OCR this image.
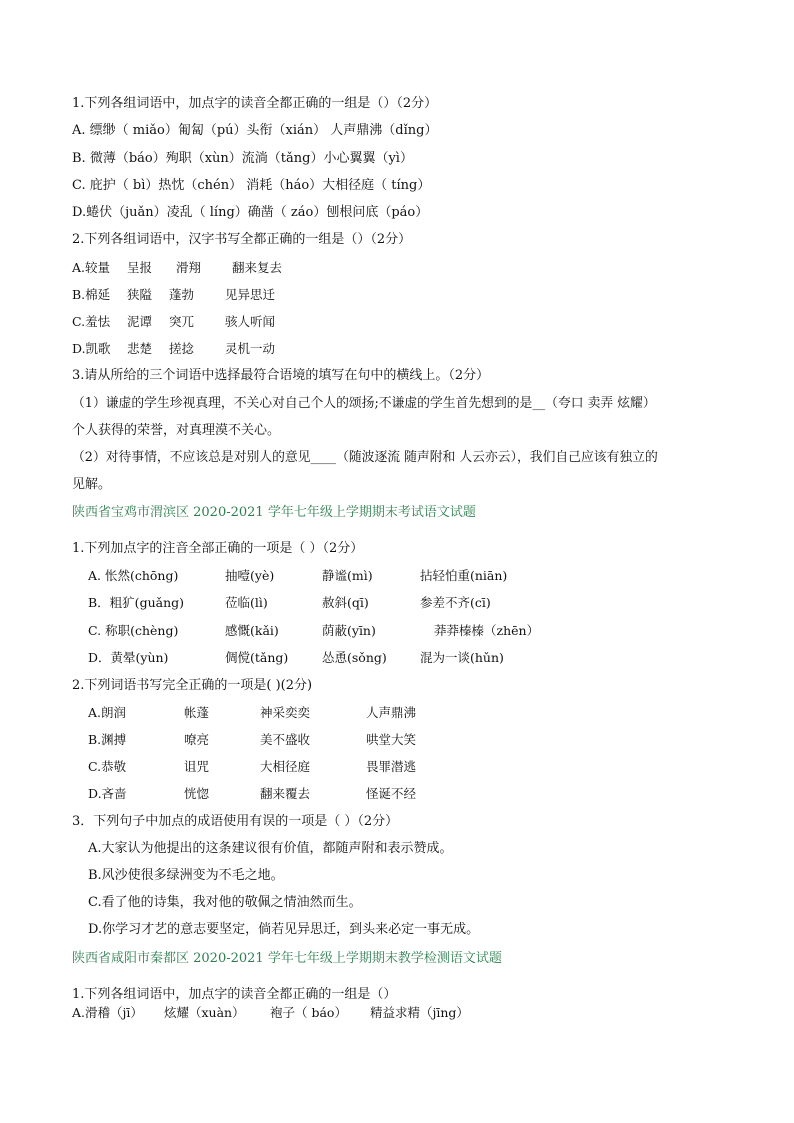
1.下列各组词语中，加点字的读音全都正确的一组是（）（2分）
A. 缥缈（ miǎo）匍匐（pú）头衔（xián） 人声鼎沸（dǐng）
B. 微薄（báo）殉职（xùn）流淌（tǎng）小心翼翼（yì）
C. 庇护（ bì）热忱（chén） 消耗（háo）大相径庭（ tíng）
D.蜷伏（juǎn）凌乱（ líng）确凿（ záo）刨根问底（páo）
2.下列各组词语中，汉字书写全都正确的一组是（）（2分）
A.较量 呈报 滑翔 翻来复去
B.棉延 狭隘 蓬勃 见异思迁
C.羞怯 泥谭 突兀 骇人听闻
D.凯歌 悲楚 搓捻 灵机一动
3.请从所给的三个词语中选择最符合语境的填写在句中的横线上。（2分）
（1）谦虚的学生珍视真理，不关心对自己个人的颂扬;不谦虚的学生首先想到的是__（夸口 卖弄 炫耀）
个人获得的荣誉，对真理漠不关心。
（2）对待事情，不应该总是对别人的意见____（随波逐流 随声附和 人云亦云），我们自己应该有独立的
见解。
陕西省宝鸡市渭滨区 2020-2021 学年七年级上学期期末考试语文试题
1.下列加点字的注音全部正确的一项是（ ）（2分）
A. 怅然(chōng)	抽噎(yè)	静谧(mì)	拈轻怕重(niān)
B．粗犷(guǎng)	莅临(lì)	赦斜(qī)	参差不齐(cī)
C. 称职(chèng)	感慨(kǎi)	荫蔽(yīn)	莽莽榛榛（zhēn）
D．黄晕(yùn)	倜傥(tǎng)	怂恿(sǒng)	混为一谈(hǔn)
2.下列词语书写完全正确的一项是( )(2分)
A.朗润	帐蓬	神采奕奕	人声鼎沸
B.渊搏	嘹亮	美不盛收	哄堂大笑
C.恭敬	诅咒	大相径庭	畏罪潜逃
D.吝啬	恍惚	翻来覆去	怪诞不经
3．下列句子中加点的成语使用有误的一项是（ ）（2分）
A.大家认为他提出的这条建议很有价值，都随声附和表示赞成。
B.风沙使很多绿洲变为不毛之地。
C.看了他的诗集，我对他的敬佩之情油然而生。
D.你学习才艺的意志要坚定，倘若见异思迁，到头来必定一事无成。
陕西省咸阳市秦都区 2020-2021 学年七年级上学期期末教学检测语文试题
1.下列各组词语中，加点字的读音全都正确的一组是（）
A.滑稽（jī） 炫耀（xuàn） 袍子（ báo） 精益求精（jīng）
